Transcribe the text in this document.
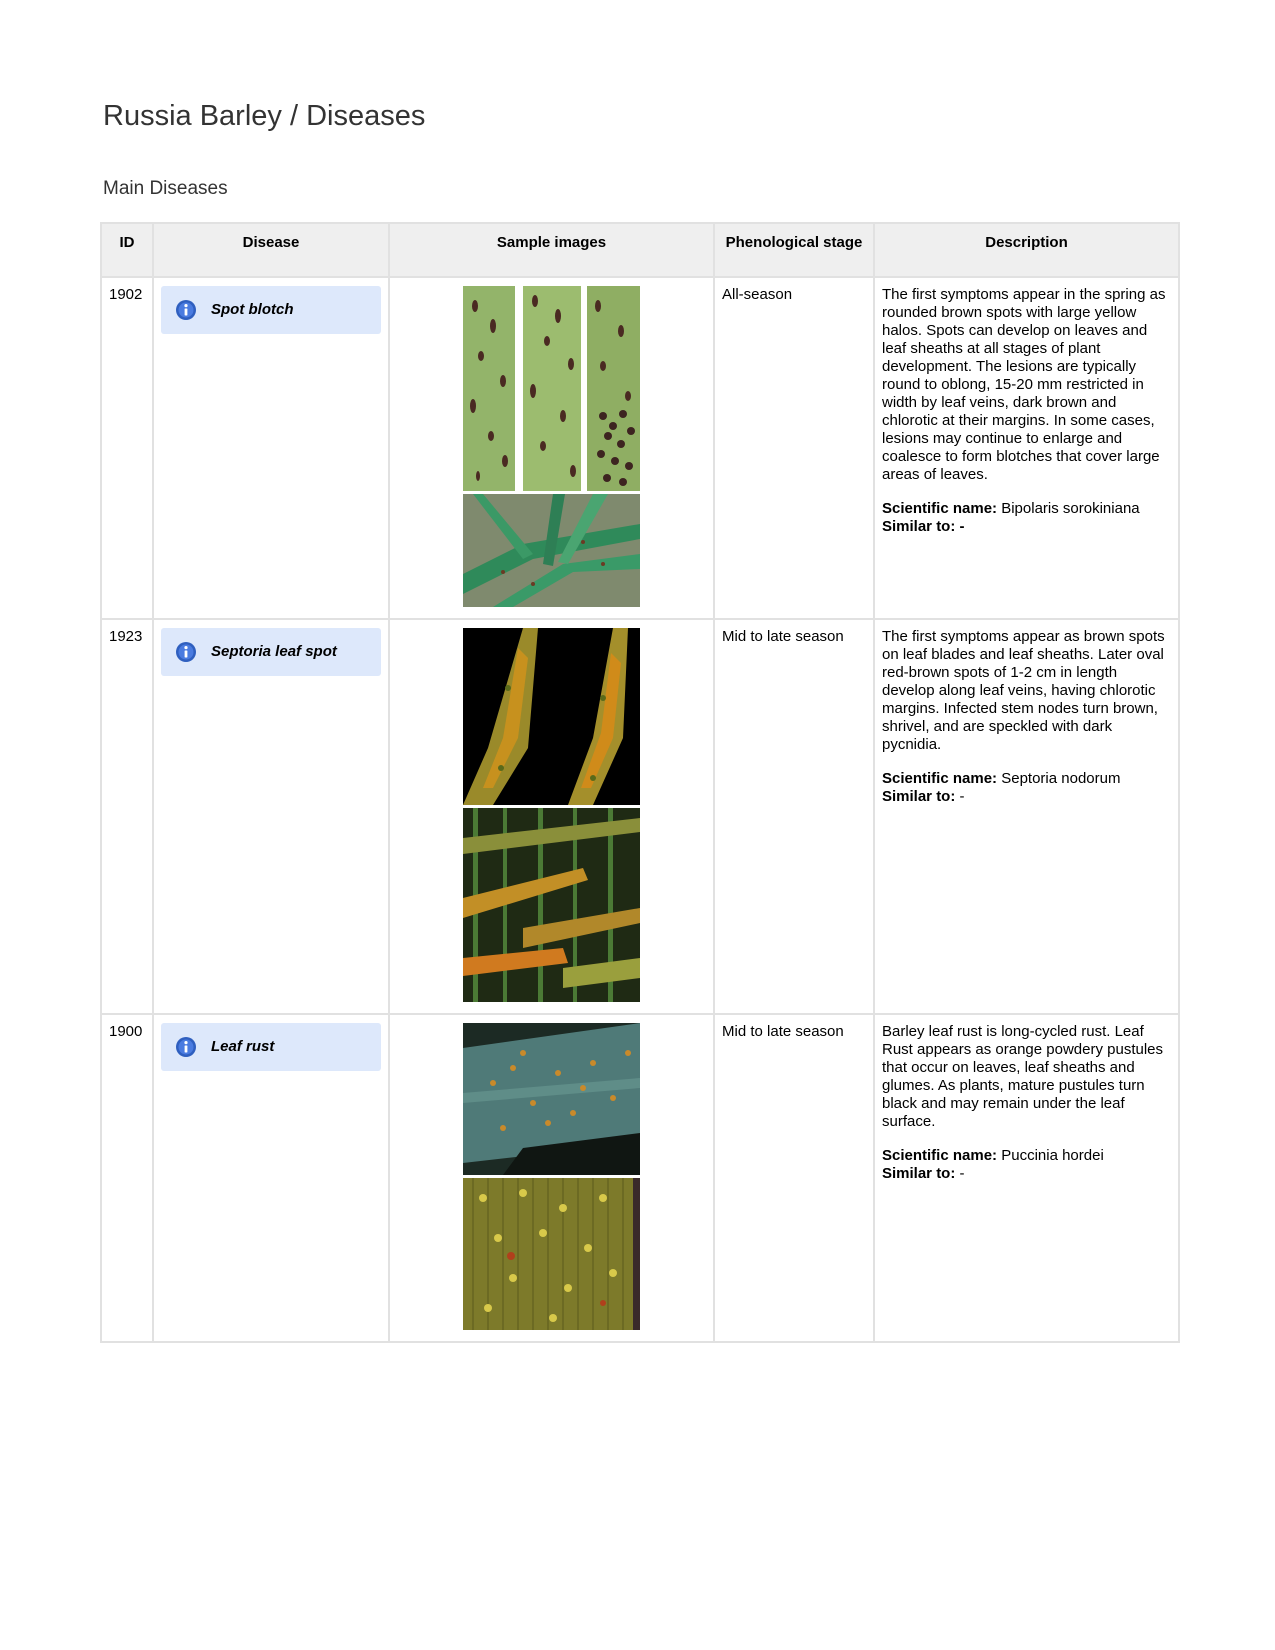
Russia Barley / Diseases
Main Diseases
ID	Disease	Sample images	Phenological stage	Description
1902	Spot blotch		All-season	The first symptoms appear in the spring as rounded brown spots with large yellow halos. Spots can develop on leaves and leaf sheaths at all stages of plant development. The lesions are typically round to oblong, 15-20 mm restricted in width by leaf veins, dark brown and chlorotic at their margins. In some cases, lesions may continue to enlarge and coalesce to form blotches that cover large areas of leaves.

Scientific name: Bipolaris sorokiniana
Similar to: -

1923	Septoria leaf spot		Mid to late season	The first symptoms appear as brown spots on leaf blades and leaf sheaths. Later oval red-brown spots of 1-2 cm in length develop along leaf veins, having chlorotic margins. Infected stem nodes turn brown, shrivel, and are speckled with dark pycnidia.

Scientific name: Septoria nodorum
Similar to: -

1900	Leaf rust		Mid to late season	Barley leaf rust is long-cycled rust. Leaf Rust appears as orange powdery pustules that occur on leaves, leaf sheaths and glumes. As plants, mature pustules turn black and may remain under the leaf surface.

Scientific name: Puccinia hordei
Similar to: -
